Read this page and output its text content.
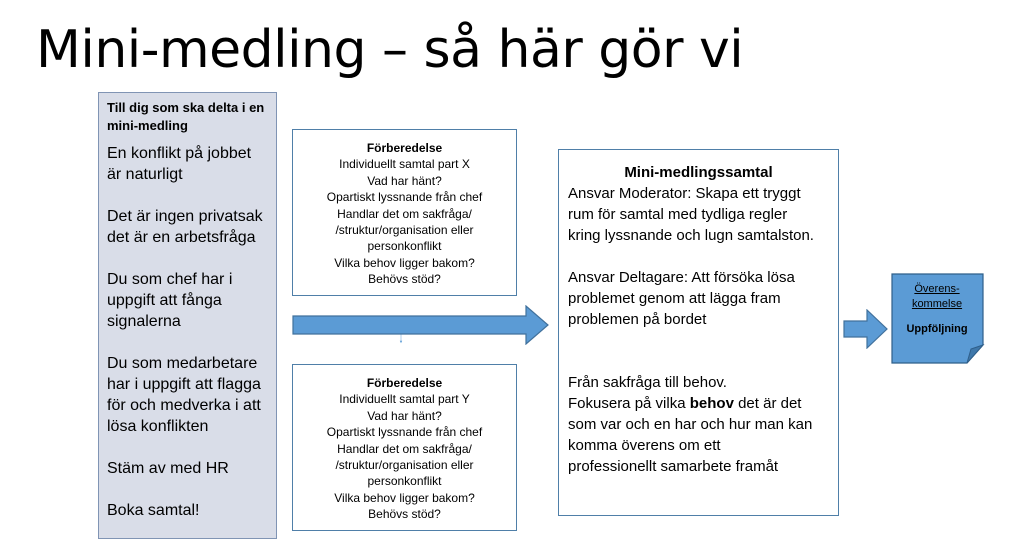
Mini-medling – så här gör vi
Till dig som ska delta i en
mini-medling
En konflikt på jobbet
är naturligt
Det är ingen privatsak
det är en arbetsfråga
Du som chef har i
uppgift att fånga
signalerna
Du som medarbetare
har i uppgift att flagga
för och medverka i att
lösa konflikten
Stäm av med HR
Boka samtal!
Förberedelse
Individuellt samtal part X
Vad har hänt?
Opartiskt lyssnande från chef
Handlar det om sakfråga/
/struktur/organisation eller
personkonflikt
Vilka behov ligger bakom?
Behövs stöd?
Förberedelse
Individuellt samtal part Y
Vad har hänt?
Opartiskt lyssnande från chef
Handlar det om sakfråga/
/struktur/organisation eller
personkonflikt
Vilka behov ligger bakom?
Behövs stöd?
Mini-medlingssamtal

Ansvar Moderator: Skapa ett tryggt

rum för samtal med tydliga regler

kring lyssnande och lugn samtalston.

Ansvar Deltagare: Att försöka lösa

problemet genom att lägga fram

problemen på bordet

Från sakfråga till behov.

Fokusera på vilka behov det är det

som var och en har och hur man kan

komma överens om ett

professionellt samarbete framåt

Överens-
kommelse
Uppföljning
